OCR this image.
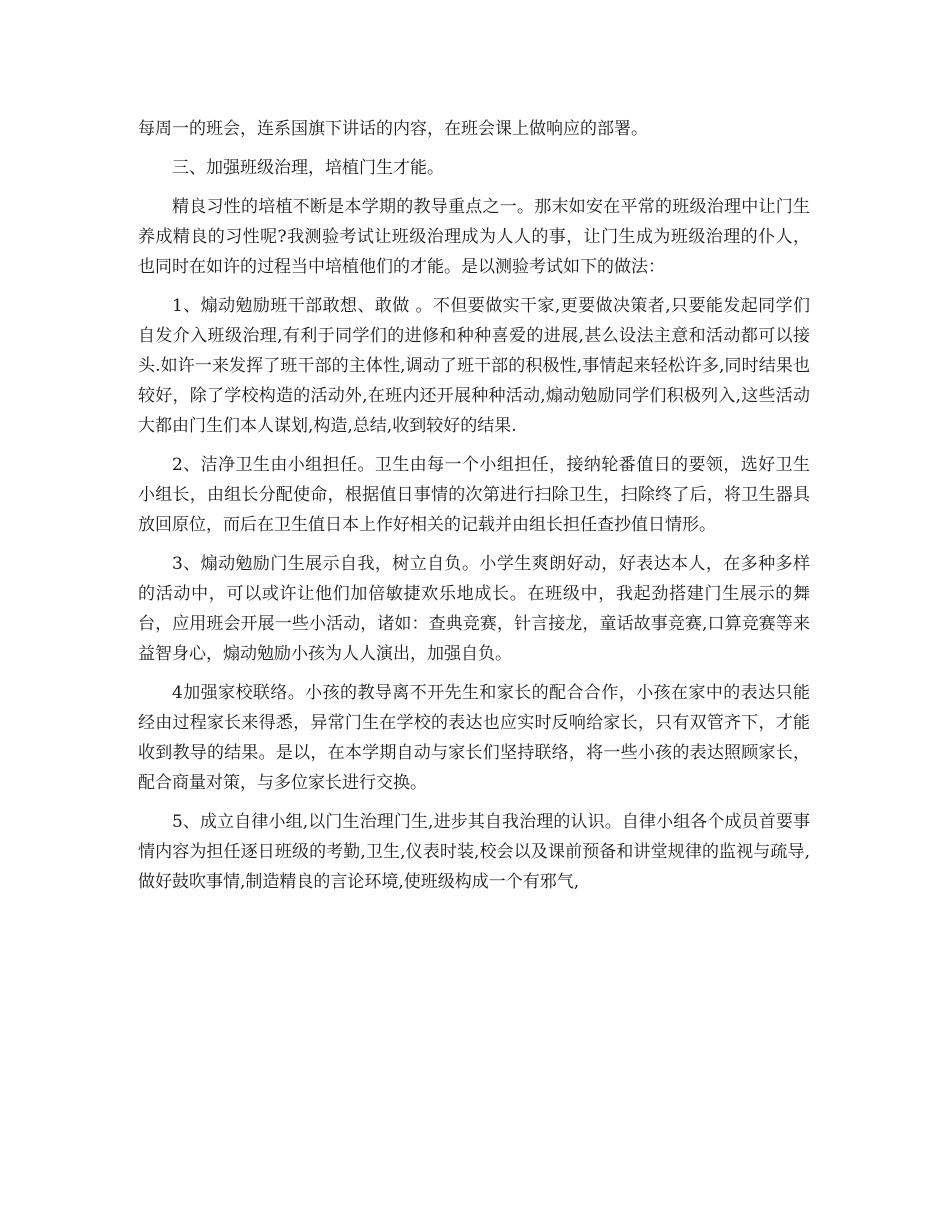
每周一的班会，连系国旗下讲话的内容，在班会课上做响应的部署。

三、加强班级治理，培植门生才能。

精良习性的培植不断是本学期的教导重点之一。那末如安在平常的班级治理中让门生养成精良的习性呢?我测验考试让班级治理成为人人的事，让门生成为班级治理的仆人，也同时在如许的过程当中培植他们的才能。是以测验考试如下的做法：

1、煽动勉励班干部敢想、敢做 。不但要做实干家,更要做决策者,只要能发起同学们自发介入班级治理,有利于同学们的进修和种种喜爱的进展,甚么设法主意和活动都可以接头.如许一来发挥了班干部的主体性,调动了班干部的积极性,事情起来轻松许多,同时结果也较好，除了学校构造的活动外,在班内还开展种种活动,煽动勉励同学们积极列入,这些活动大都由门生们本人谋划,构造,总结,收到较好的结果.

2、洁净卫生由小组担任。卫生由每一个小组担任，接纳轮番值日的要领，选好卫生小组长，由组长分配使命，根据值日事情的次第进行扫除卫生，扫除终了后，将卫生器具放回原位，而后在卫生值日本上作好相关的记载并由组长担任查抄值日情形。

3、煽动勉励门生展示自我，树立自负。小学生爽朗好动，好表达本人，在多种多样的活动中，可以或许让他们加倍敏捷欢乐地成长。在班级中，我起劲搭建门生展示的舞台，应用班会开展一些小活动，诸如：查典竞赛，针言接龙，童话故事竞赛,口算竞赛等来益智身心，煽动勉励小孩为人人演出，加强自负。

4加强家校联络。小孩的教导离不开先生和家长的配合合作，小孩在家中的表达只能经由过程家长来得悉，异常门生在学校的表达也应实时反响给家长，只有双管齐下，才能收到教导的结果。是以，在本学期自动与家长们坚持联络，将一些小孩的表达照顾家长，配合商量对策，与多位家长进行交换。

5、成立自律小组,以门生治理门生,进步其自我治理的认识。自律小组各个成员首要事情内容为担任逐日班级的考勤,卫生,仪表时装,校会以及课前预备和讲堂规律的监视与疏导,做好鼓吹事情,制造精良的言论环境,使班级构成一个有邪气,
